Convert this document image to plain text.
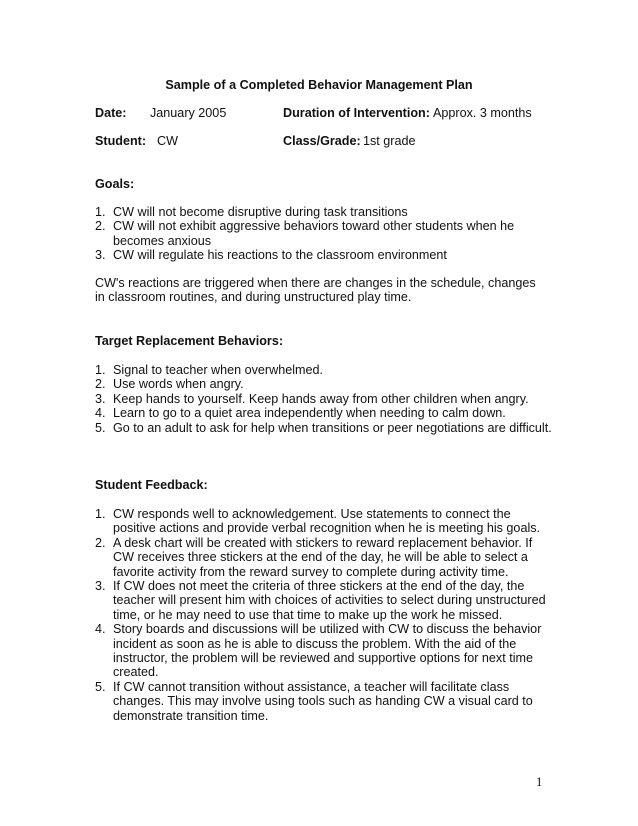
Sample of a Completed Behavior Management Plan
Date: January 2005	Duration of Intervention: Approx. 3 months
Student: CW	Class/Grade: 1st grade
Goals:
1. CW will not become disruptive during task transitions
2. CW will not exhibit aggressive behaviors toward other students when he becomes anxious
3. CW will regulate his reactions to the classroom environment
CW's reactions are triggered when there are changes in the schedule, changes in classroom routines, and during unstructured play time.
Target Replacement Behaviors:
1. Signal to teacher when overwhelmed.
2. Use words when angry.
3. Keep hands to yourself. Keep hands away from other children when angry.
4. Learn to go to a quiet area independently when needing to calm down.
5. Go to an adult to ask for help when transitions or peer negotiations are difficult.
Student Feedback:
1. CW responds well to acknowledgement. Use statements to connect the positive actions and provide verbal recognition when he is meeting his goals.
2. A desk chart will be created with stickers to reward replacement behavior. If CW receives three stickers at the end of the day, he will be able to select a favorite activity from the reward survey to complete during activity time.
3. If CW does not meet the criteria of three stickers at the end of the day, the teacher will present him with choices of activities to select during unstructured time, or he may need to use that time to make up the work he missed.
4. Story boards and discussions will be utilized with CW to discuss the behavior incident as soon as he is able to discuss the problem. With the aid of the instructor, the problem will be reviewed and supportive options for next time created.
5. If CW cannot transition without assistance, a teacher will facilitate class changes. This may involve using tools such as handing CW a visual card to demonstrate transition time.
1
